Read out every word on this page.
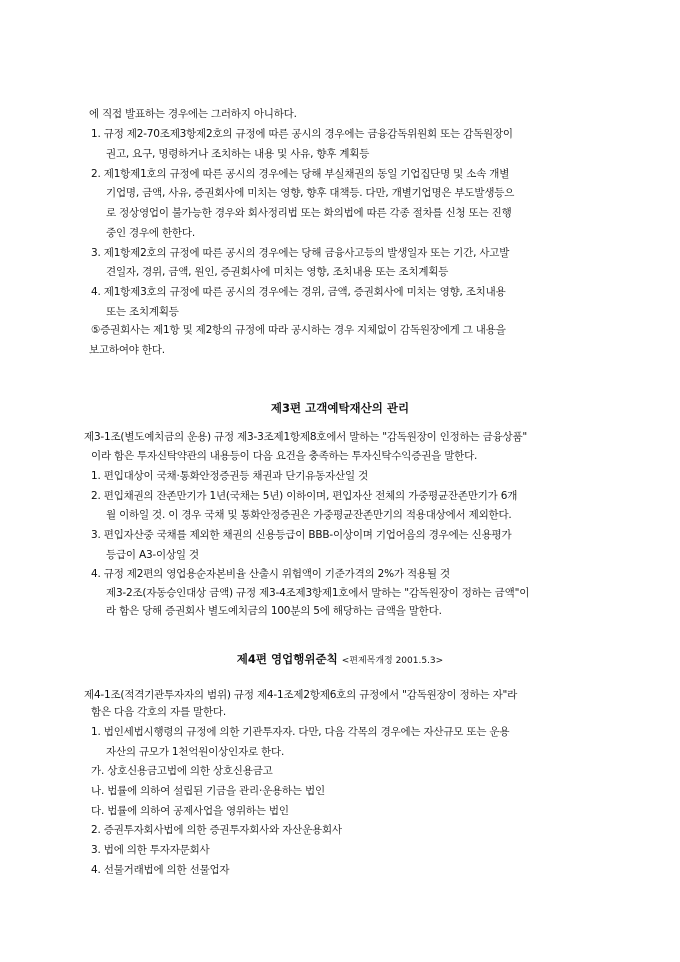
에 직접 발표하는 경우에는 그러하지 아니하다.
1. 규정 제2-70조제3항제2호의 규정에 따른 공시의 경우에는 금융감독위원회 또는 감독원장이
권고, 요구, 명령하거나 조치하는 내용 및 사유, 향후 계획등
2. 제1항제1호의 규정에 따른 공시의 경우에는 당해 부실채권의 동일 기업집단명 및 소속 개별
기업명, 금액, 사유, 증권회사에 미치는 영향, 향후 대책등. 다만, 개별기업명은 부도발생등으
로 정상영업이 불가능한 경우와 회사정리법 또는 화의법에 따른 각종 절차를 신청 또는 진행
중인 경우에 한한다.
3. 제1항제2호의 규정에 따른 공시의 경우에는 당해 금융사고등의 발생일자 또는 기간, 사고발
견일자, 경위, 금액, 원인, 증권회사에 미치는 영향, 조치내용 또는 조치계획등
4. 제1항제3호의 규정에 따른 공시의 경우에는 경위, 금액, 증권회사에 미치는 영향, 조치내용
또는 조치계획등
⑤증권회사는 제1항 및 제2항의 규정에 따라 공시하는 경우 지체없이 감독원장에게 그 내용을
보고하여야 한다.
제3편 고객예탁재산의 관리
제3-1조(별도예치금의 운용) 규정 제3-3조제1항제8호에서 말하는 "감독원장이 인정하는 금융상품"
이라 함은 투자신탁약관의 내용등이 다음 요건을 충족하는 투자신탁수익증권을 말한다.
1. 편입대상이 국채·통화안정증권등 채권과 단기유동자산일 것
2. 편입채권의 잔존만기가 1년(국채는 5년) 이하이며, 편입자산 전체의 가중평균잔존만기가 6개
월 이하일 것. 이 경우 국채 및 통화안정증권은 가중평균잔존만기의 적용대상에서 제외한다.
3. 편입자산중 국채를 제외한 채권의 신용등급이 BBB-이상이며 기업어음의 경우에는 신용평가
등급이 A3-이상일 것
4. 규정 제2편의 영업용순자본비율 산출시 위험액이 기준가격의 2%가 적용될 것
제3-2조(자동승인대상 금액) 규정 제3-4조제3항제1호에서 말하는 "감독원장이 정하는 금액"이
라 함은 당해 증권회사 별도예치금의 100분의 5에 해당하는 금액을 말한다.
제4편 영업행위준칙 <편제목개정 2001.5.3>
제4-1조(적격기관투자자의 범위) 규정 제4-1조제2항제6호의 규정에서 "감독원장이 정하는 자"라
함은 다음 각호의 자를 말한다.
1. 법인세법시행령의 규정에 의한 기관투자자. 다만, 다음 각목의 경우에는 자산규모 또는 운용
자산의 규모가 1천억원이상인자로 한다.
가. 상호신용금고법에 의한 상호신용금고
나. 법률에 의하여 설립된 기금을 관리·운용하는 법인
다. 법률에 의하여 공제사업을 영위하는 법인
2. 증권투자회사법에 의한 증권투자회사와 자산운용회사
3. 법에 의한 투자자문회사
4. 선물거래법에 의한 선물업자
